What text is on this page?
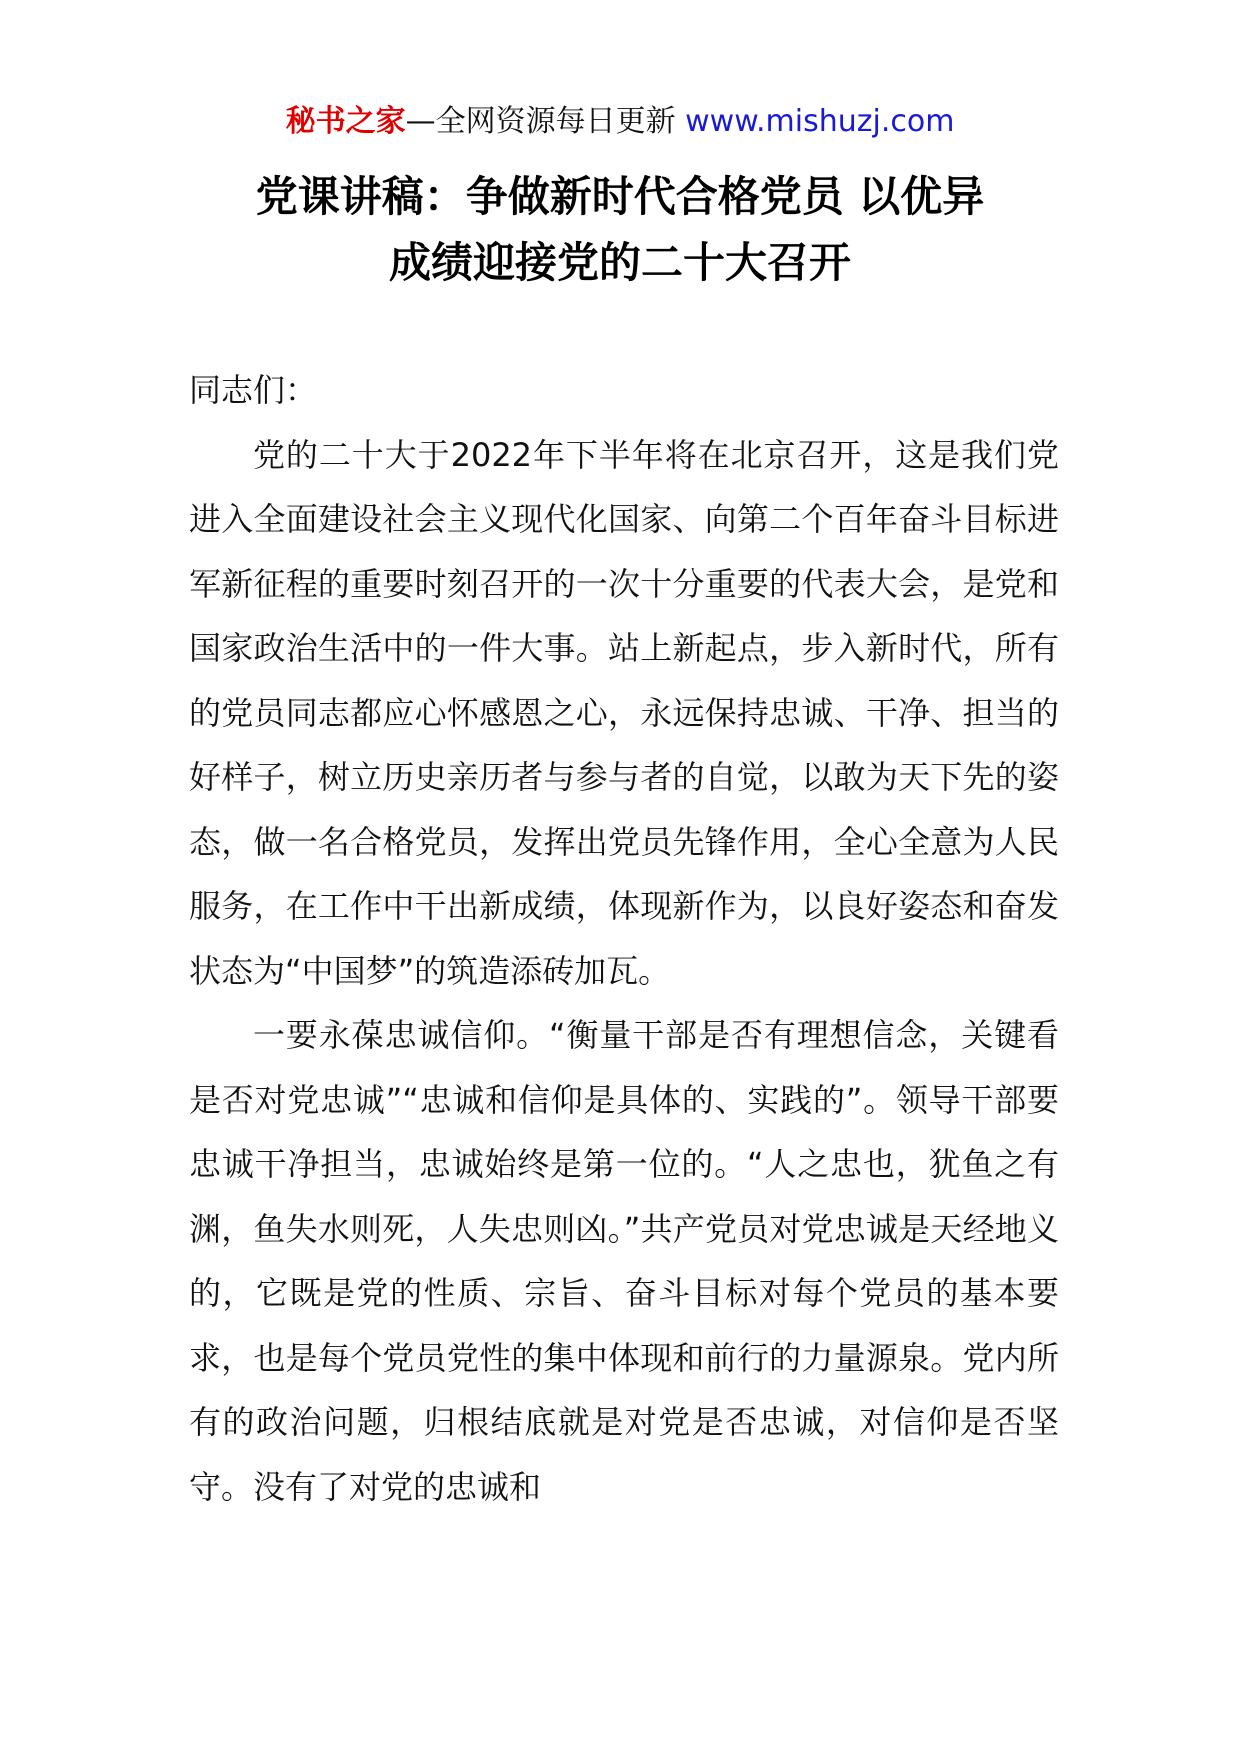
秘书之家—全网资源每日更新 www.mishuzj.com
党课讲稿：争做新时代合格党员 以优异
成绩迎接党的二十大召开

同志们：

党的二十大于2022年下半年将在北京召开，这是我们党进入全面建设社会主义现代化国家、向第二个百年奋斗目标进军新征程的重要时刻召开的一次十分重要的代表大会，是党和国家政治生活中的一件大事。站上新起点，步入新时代，所有的党员同志都应心怀感恩之心，永远保持忠诚、干净、担当的好样子，树立历史亲历者与参与者的自觉，以敢为天下先的姿态，做一名合格党员，发挥出党员先锋作用，全心全意为人民服务，在工作中干出新成绩，体现新作为，以良好姿态和奋发状态为“中国梦”的筑造添砖加瓦。

一要永葆忠诚信仰。“衡量干部是否有理想信念，关键看是否对党忠诚”“忠诚和信仰是具体的、实践的”。领导干部要忠诚干净担当，忠诚始终是第一位的。“人之忠也，犹鱼之有渊，鱼失水则死，人失忠则凶。”共产党员对党忠诚是天经地义的，它既是党的性质、宗旨、奋斗目标对每个党员的基本要求，也是每个党员党性的集中体现和前行的力量源泉。党内所有的政治问题，归根结底就是对党是否忠诚，对信仰是否坚守。没有了对党的忠诚和
